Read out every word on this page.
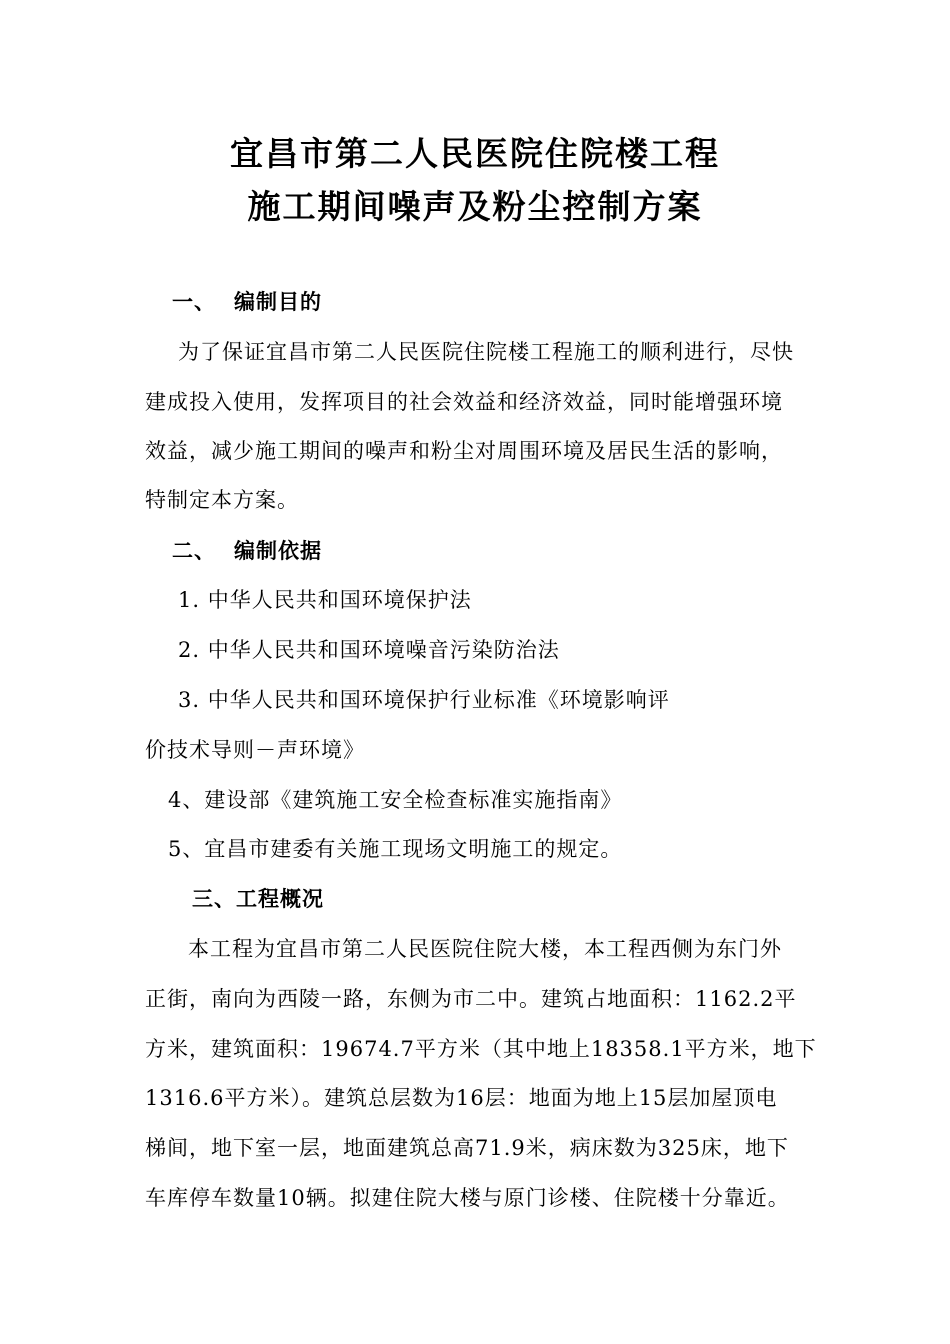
宜昌市第二人民医院住院楼工程
施工期间噪声及粉尘控制方案
一、 编制目的
为了保证宜昌市第二人民医院住院楼工程施工的顺利进行，尽快
建成投入使用，发挥项目的社会效益和经济效益，同时能增强环境
效益，减少施工期间的噪声和粉尘对周围环境及居民生活的影响，
特制定本方案。
二、 编制依据
1. 中华人民共和国环境保护法
2. 中华人民共和国环境噪音污染防治法
3. 中华人民共和国环境保护行业标准《环境影响评
价技术导则－声环境》
4、建设部《建筑施工安全检查标准实施指南》
5、宜昌市建委有关施工现场文明施工的规定。
三、工程概况
本工程为宜昌市第二人民医院住院大楼，本工程西侧为东门外
正街，南向为西陵一路，东侧为市二中。建筑占地面积：1162.2平
方米，建筑面积：19674.7平方米（其中地上18358.1平方米，地下
1316.6平方米）。建筑总层数为16层：地面为地上15层加屋顶电
梯间，地下室一层，地面建筑总高71.9米，病床数为325床，地下
车库停车数量10辆。拟建住院大楼与原门诊楼、住院楼十分靠近。
